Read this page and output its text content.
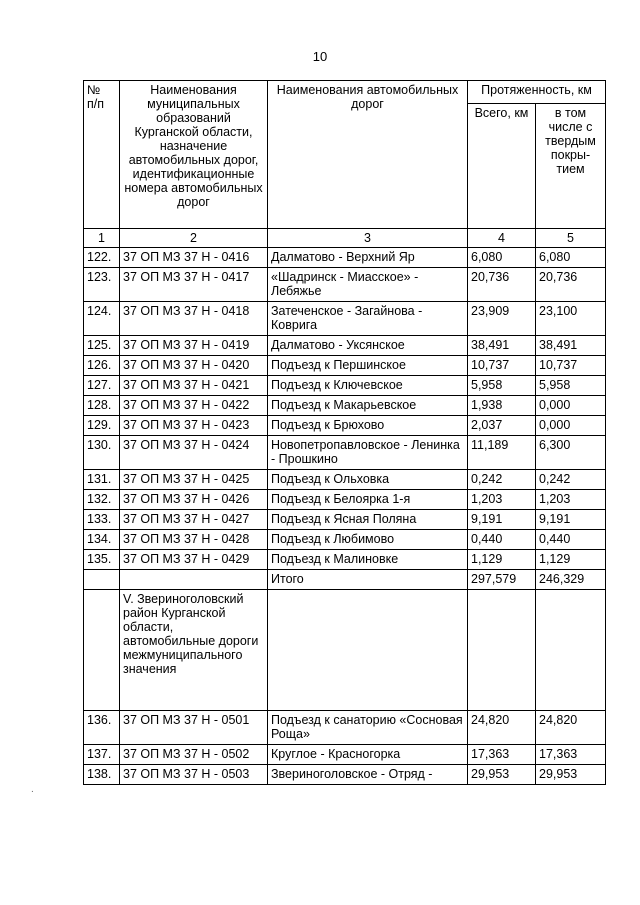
10
№
п/п	Наименования муниципальных образований Курганской области, назначение автомобильных дорог, идентификационные номера автомобильных дорог	Наименования автомобильных дорог	Протяженность, км	
			Всего, км	в том числе с твердым покры-тием
1	2	3	4	5
122.	37 ОП МЗ 37 Н - 0416	Далматово - Верхний Яр	6,080	6,080
123.	37 ОП МЗ 37 Н - 0417	«Шадринск - Миасское» - Лебяжье	20,736	20,736
124.	37 ОП МЗ 37 Н - 0418	Затеченское - Загайнова - Коврига	23,909	23,100
125.	37 ОП МЗ 37 Н - 0419	Далматово - Уксянское	38,491	38,491
126.	37 ОП МЗ 37 Н - 0420	Подъезд к Першинское	10,737	10,737
127.	37 ОП МЗ 37 Н - 0421	Подъезд к Ключевское	5,958	5,958
128.	37 ОП МЗ 37 Н - 0422	Подъезд к Макарьевское	1,938	0,000
129.	37 ОП МЗ 37 Н - 0423	Подъезд к Брюхово	2,037	0,000
130.	37 ОП МЗ 37 Н - 0424	Новопетропавловское - Ленинка - Прошкино	11,189	6,300
131.	37 ОП МЗ 37 Н - 0425	Подъезд к Ольховка	0,242	0,242
132.	37 ОП МЗ 37 Н - 0426	Подъезд к Белоярка 1-я	1,203	1,203
133.	37 ОП МЗ 37 Н - 0427	Подъезд к Ясная Поляна	9,191	9,191
134.	37 ОП МЗ 37 Н - 0428	Подъезд к Любимово	0,440	0,440
135.	37 ОП МЗ 37 Н - 0429	Подъезд к Малиновке	1,129	1,129
		Итого	297,579	246,329
	V. Звериноголовский район Курганской области, автомобильные дороги межмуниципального значения			
136.	37 ОП МЗ 37 Н - 0501	Подъезд к санаторию «Сосновая Роща»	24,820	24,820
137.	37 ОП МЗ 37 Н - 0502	Круглое - Красногорка	17,363	17,363
138.	37 ОП МЗ 37 Н - 0503	Звериноголовское - Отряд -	29,953	29,953
.
